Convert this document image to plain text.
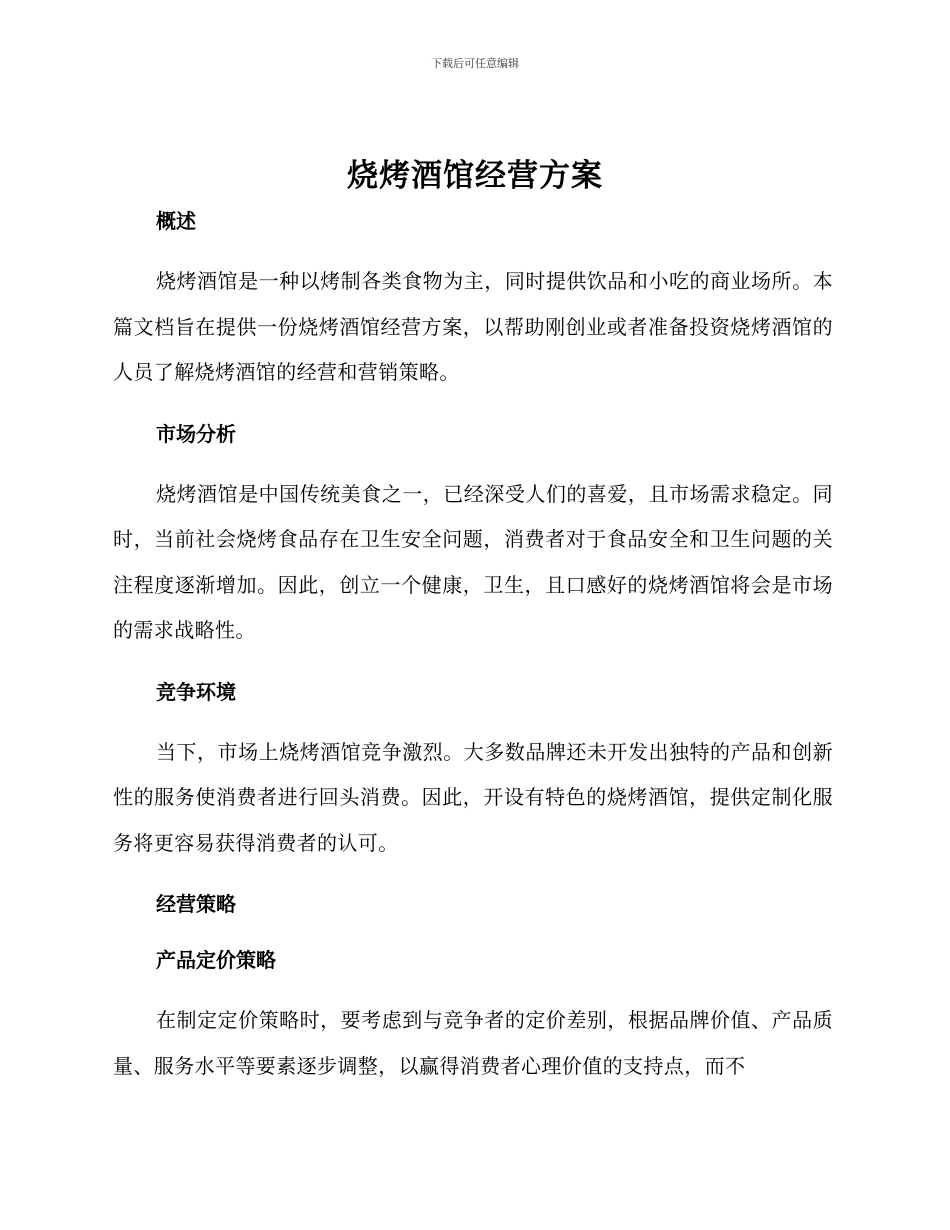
下载后可任意编辑
烧烤酒馆经营方案
概述

烧烤酒馆是一种以烤制各类食物为主，同时提供饮品和小吃的商业场所。本篇文档旨在提供一份烧烤酒馆经营方案，以帮助刚创业或者准备投资烧烤酒馆的人员了解烧烤酒馆的经营和营销策略。

市场分析

烧烤酒馆是中国传统美食之一，已经深受人们的喜爱，且市场需求稳定。同时，当前社会烧烤食品存在卫生安全问题，消费者对于食品安全和卫生问题的关注程度逐渐增加。因此，创立一个健康，卫生，且口感好的烧烤酒馆将会是市场的需求战略性。

竞争环境

当下，市场上烧烤酒馆竞争激烈。大多数品牌还未开发出独特的产品和创新性的服务使消费者进行回头消费。因此，开设有特色的烧烤酒馆，提供定制化服务将更容易获得消费者的认可。

经营策略
产品定价策略

在制定定价策略时，要考虑到与竞争者的定价差别，根据品牌价值、产品质量、服务水平等要素逐步调整，以赢得消费者心理价值的支持点，而不
